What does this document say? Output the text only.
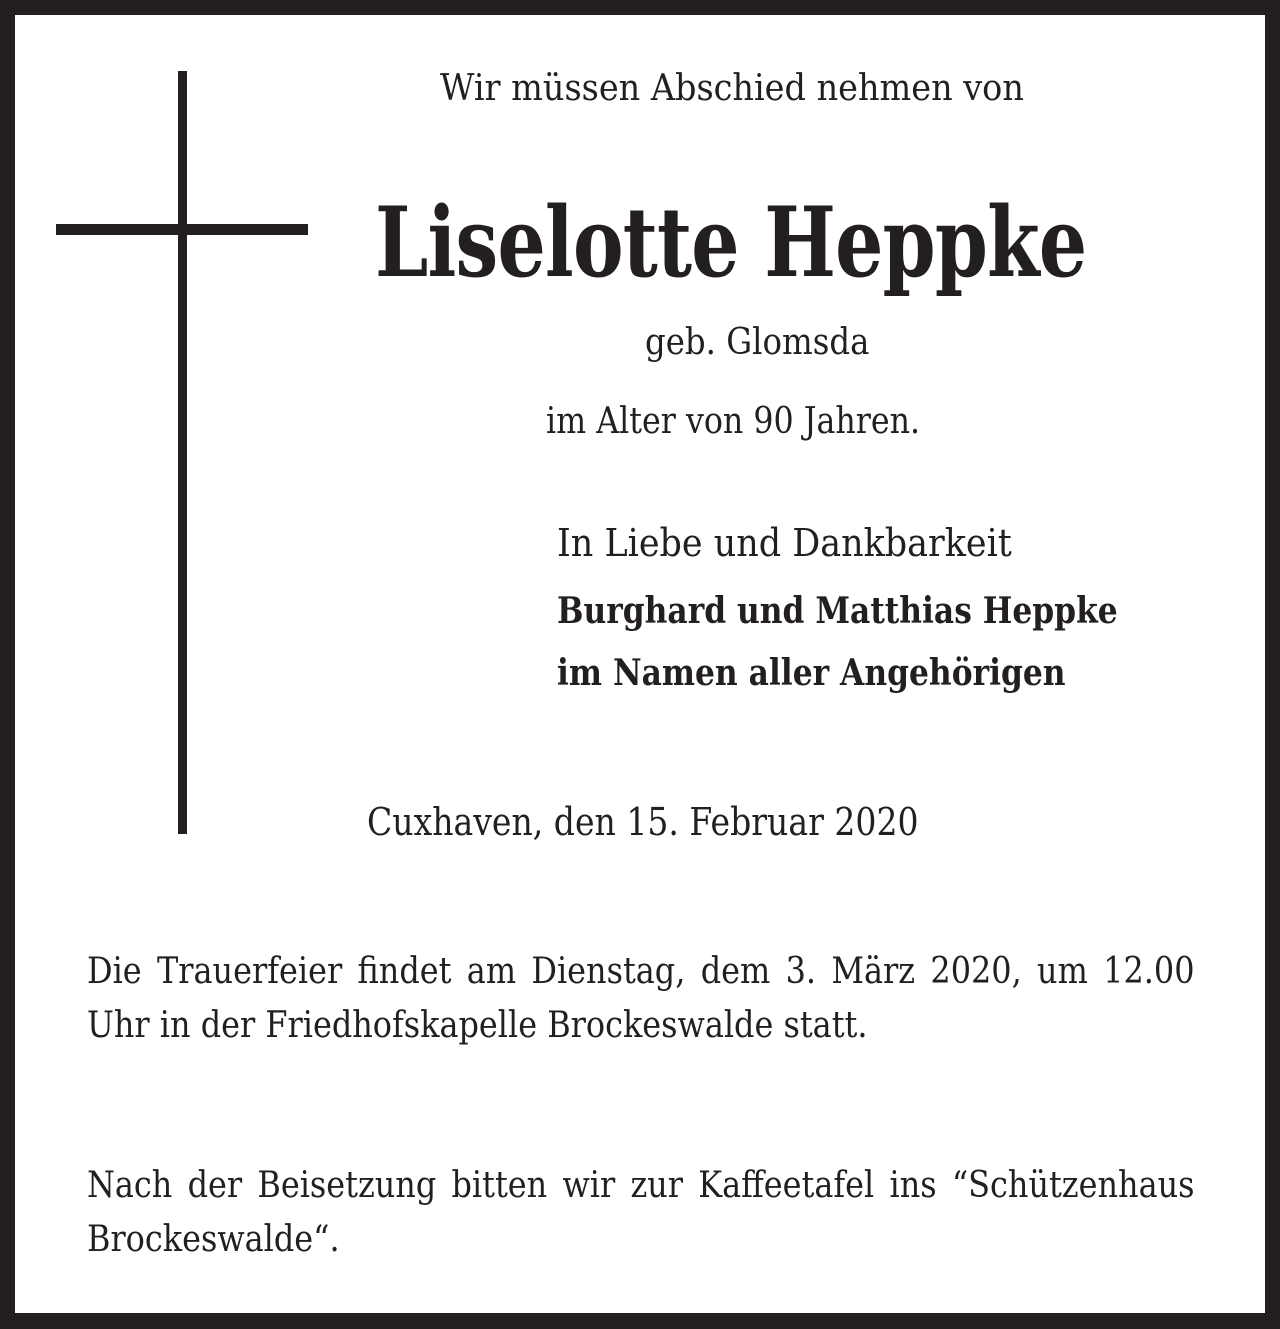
Wir müssen Abschied nehmen von
Liselotte Heppke
geb. Glomsda
im Alter von 90 Jahren.
In Liebe und Dankbarkeit
Burghard und Matthias Heppke
im Namen aller Angehörigen
Cuxhaven, den 15. Februar 2020
Die Trauerfeier findet am Dienstag, dem 3. März 2020, um 12.00 Uhr in der Friedhofskapelle Brockeswalde statt.
Nach der Beisetzung bitten wir zur Kaffeetafel ins “Schützenhaus Brockeswalde“.
